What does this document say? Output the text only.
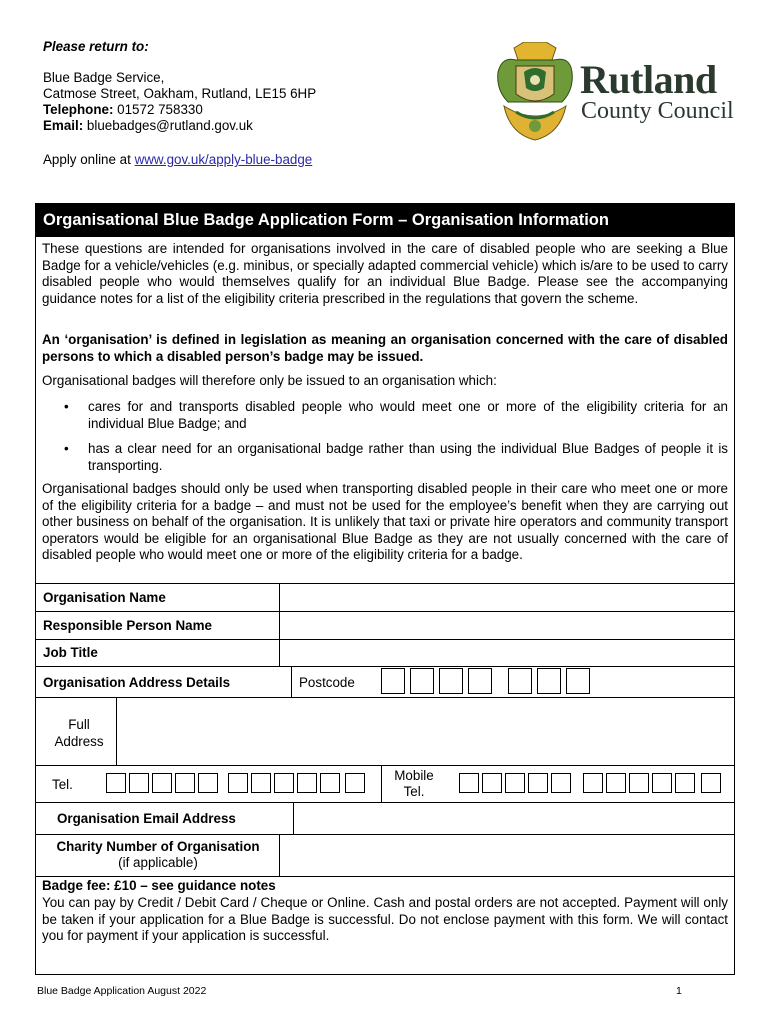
Please return to:
Blue Badge Service,
Catmose Street, Oakham, Rutland, LE15 6HP
Telephone: 01572 758330
Email: bluebadges@rutland.gov.uk
Apply online at www.gov.uk/apply-blue-badge
Rutland
County Council
Organisational Blue Badge Application Form – Organisation Information
These questions are intended for organisations involved in the care of disabled people who are seeking a Blue Badge for a vehicle/vehicles (e.g. minibus, or specially adapted commercial vehicle) which is/are to be used to carry disabled people who would themselves qualify for an individual Blue Badge. Please see the accompanying guidance notes for a list of the eligibility criteria prescribed in the regulations that govern the scheme.
An ‘organisation’ is defined in legislation as meaning an organisation concerned with the care of disabled persons to which a disabled person’s badge may be issued.
Organisational badges will therefore only be issued to an organisation which:
•	cares for and transports disabled people who would meet one or more of the eligibility criteria for an individual Blue Badge; and
•	has a clear need for an organisational badge rather than using the individual Blue Badges of people it is transporting.
Organisational badges should only be used when transporting disabled people in their care who meet one or more of the eligibility criteria for a badge – and must not be used for the employee’s benefit when they are carrying out other business on behalf of the organisation. It is unlikely that taxi or private hire operators and community transport operators would be eligible for an organisational Blue Badge as they are not usually concerned with the care of disabled people who would meet one or more of the eligibility criteria for a badge.
Organisation Name
Responsible Person Name
Job Title
Organisation Address Details	Postcode
Full
Address
Tel.
Mobile
Tel.
Organisation Email Address
Charity Number of Organisation
(if applicable)
Badge fee: £10 – see guidance notes
You can pay by Credit / Debit Card / Cheque or Online. Cash and postal orders are not accepted. Payment will only be taken if your application for a Blue Badge is successful. Do not enclose payment with this form. We will contact you for payment if your application is successful.
Blue Badge Application August 2022	1
